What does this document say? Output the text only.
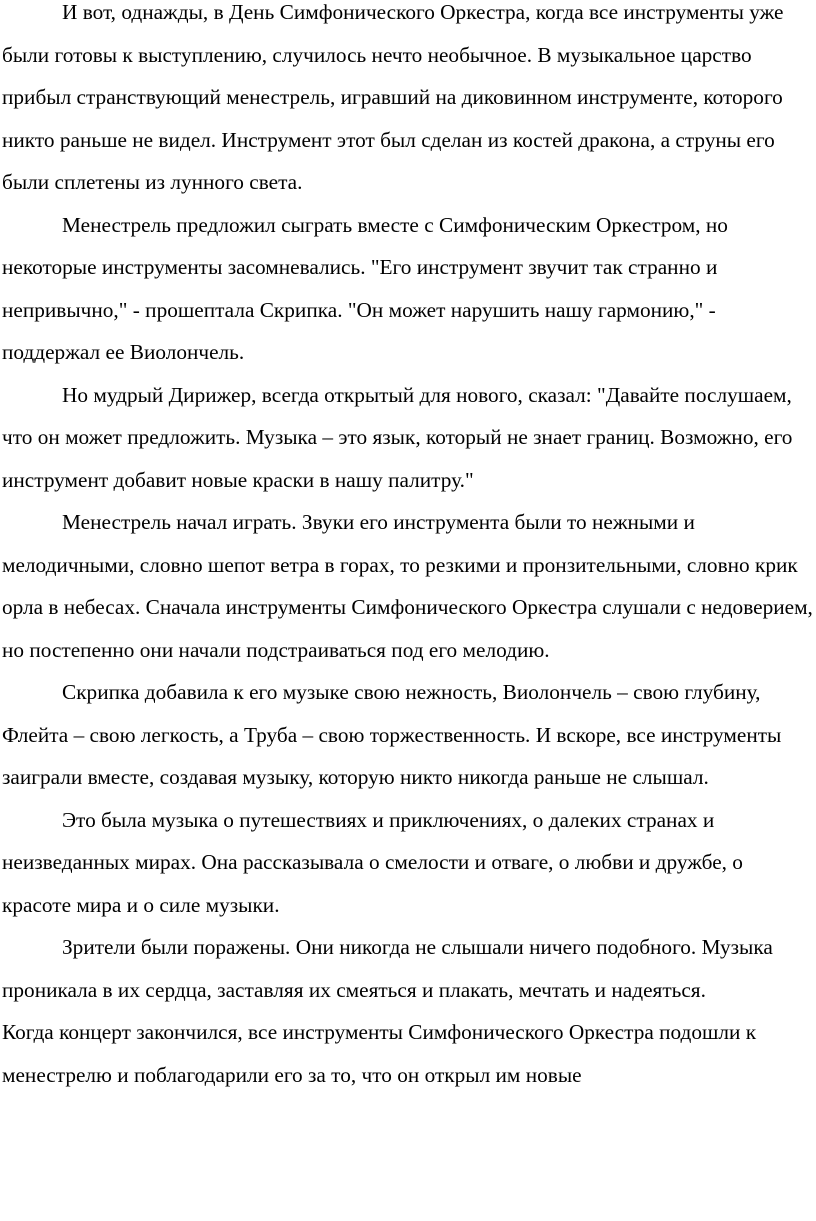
И вот, однажды, в День Симфонического Оркестра, когда все инструменты уже были готовы к выступлению, случилось нечто необычное. В музыкальное царство прибыл странствующий менестрель, игравший на диковинном инструменте, которого никто раньше не видел. Инструмент этот был сделан из костей дракона, а струны его были сплетены из лунного света.

Менестрель предложил сыграть вместе с Симфоническим Оркестром, но некоторые инструменты засомневались. "Его инструмент звучит так странно и непривычно," - прошептала Скрипка. "Он может нарушить нашу гармонию," - поддержал ее Виолончель.

Но мудрый Дирижер, всегда открытый для нового, сказал: "Давайте послушаем, что он может предложить. Музыка – это язык, который не знает границ. Возможно, его инструмент добавит новые краски в нашу палитру."

Менестрель начал играть. Звуки его инструмента были то нежными и мелодичными, словно шепот ветра в горах, то резкими и пронзительными, словно крик орла в небесах. Сначала инструменты Симфонического Оркестра слушали с недоверием, но постепенно они начали подстраиваться под его мелодию.

Скрипка добавила к его музыке свою нежность, Виолончель – свою глубину, Флейта – свою легкость, а Труба – свою торжественность. И вскоре, все инструменты заиграли вместе, создавая музыку, которую никто никогда раньше не слышал.

Это была музыка о путешествиях и приключениях, о далеких странах и неизведанных мирах. Она рассказывала о смелости и отваге, о любви и дружбе, о красоте мира и о силе музыки.

Зрители были поражены. Они никогда не слышали ничего подобного. Музыка проникала в их сердца, заставляя их смеяться и плакать, мечтать и надеяться.

Когда концерт закончился, все инструменты Симфонического Оркестра подошли к менестрелю и поблагодарили его за то, что он открыл им новые
